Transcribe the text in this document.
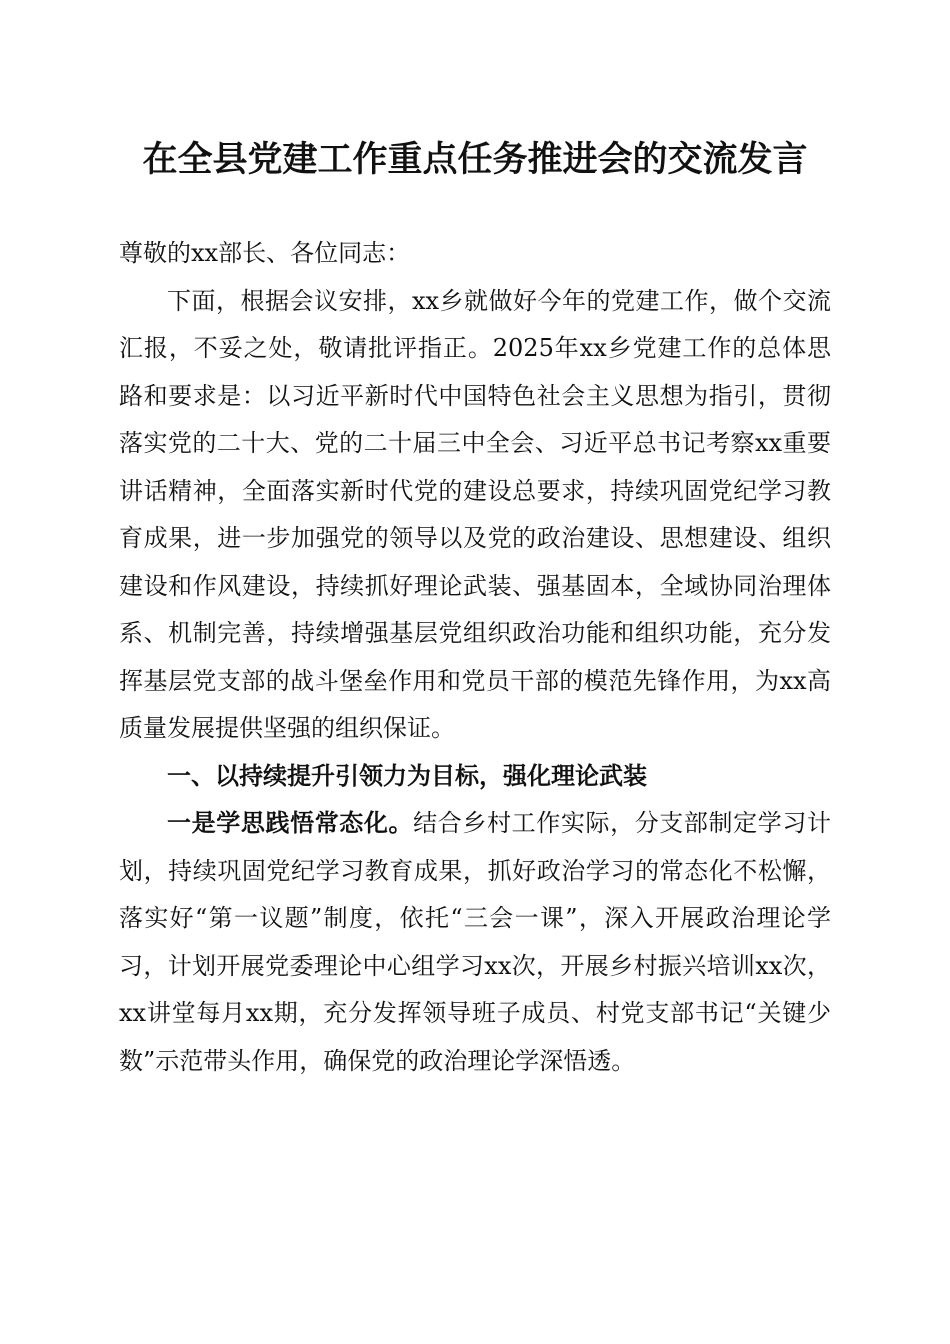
在全县党建工作重点任务推进会的交流发言

尊敬的xx部长、各位同志：

下面，根据会议安排，xx乡就做好今年的党建工作，做个交流汇报，不妥之处，敬请批评指正。2025年xx乡党建工作的总体思路和要求是：以习近平新时代中国特色社会主义思想为指引，贯彻落实党的二十大、党的二十届三中全会、习近平总书记考察xx重要讲话精神，全面落实新时代党的建设总要求，持续巩固党纪学习教育成果，进一步加强党的领导以及党的政治建设、思想建设、组织建设和作风建设，持续抓好理论武装、强基固本，全域协同治理体系、机制完善，持续增强基层党组织政治功能和组织功能，充分发挥基层党支部的战斗堡垒作用和党员干部的模范先锋作用，为xx高质量发展提供坚强的组织保证。

一、以持续提升引领力为目标，强化理论武装

一是学思践悟常态化。结合乡村工作实际，分支部制定学习计划，持续巩固党纪学习教育成果，抓好政治学习的常态化不松懈，落实好“第一议题”制度，依托“三会一课”，深入开展政治理论学习，计划开展党委理论中心组学习xx次，开展乡村振兴培训xx次，xx讲堂每月xx期，充分发挥领导班子成员、村党支部书记“关键少数”示范带头作用，确保党的政治理论学深悟透。
